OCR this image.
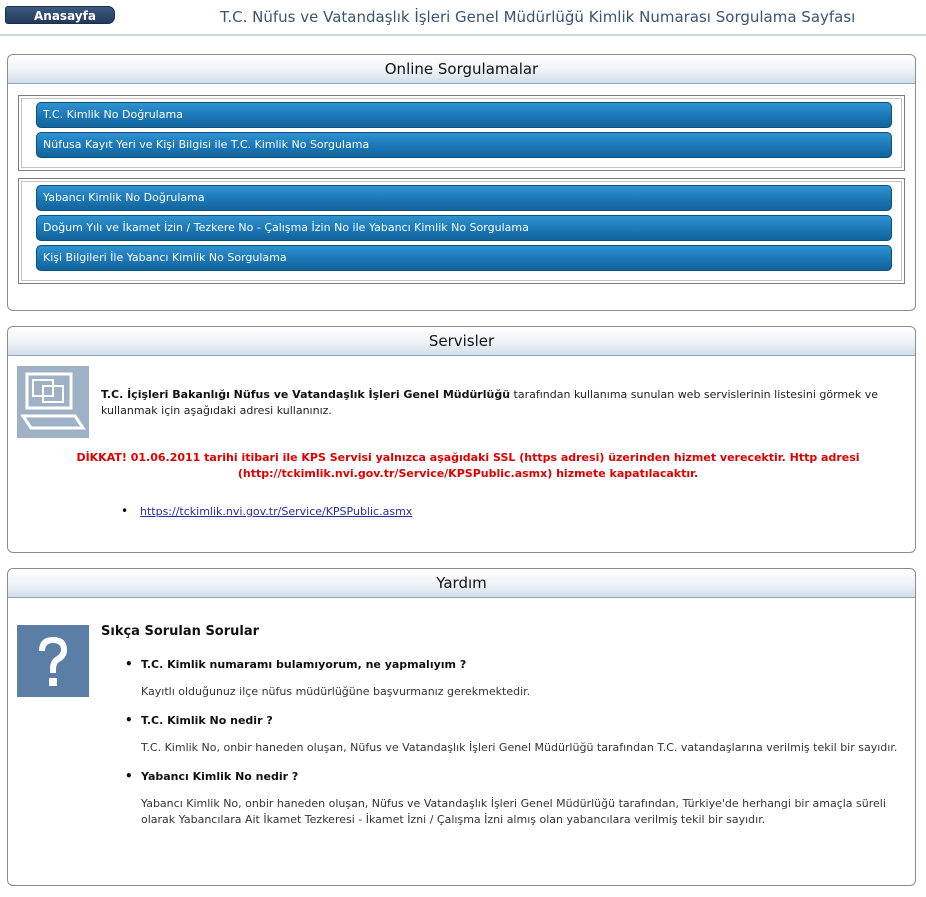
Anasayfa	T.C. Nüfus ve Vatandaşlık İşleri Genel Müdürlüğü Kimlik Numarası Sorgulama Sayfası
Online Sorgulamalar
T.C. Kimlik No Doğrulama
Nüfusa Kayıt Yeri ve Kişi Bilgisi ile T.C. Kimlik No Sorgulama
Yabancı Kimlik No Doğrulama
Doğum Yılı ve İkamet İzin / Tezkere No - Çalışma İzin No ile Yabancı Kimlik No Sorgulama
Kişi Bilgileri İle Yabancı Kimlik No Sorgulama
Servisler
T.C. İçişleri Bakanlığı Nüfus ve Vatandaşlık İşleri Genel Müdürlüğü tarafından kullanıma sunulan web servislerinin listesini görmek ve kullanmak için aşağıdaki adresi kullanınız.
DİKKAT! 01.06.2011 tarihi itibari ile KPS Servisi yalnızca aşağıdaki SSL (https adresi) üzerinden hizmet verecektir. Http adresi
(http://tckimlik.nvi.gov.tr/Service/KPSPublic.asmx) hizmete kapatılacaktır.
• https://tckimlik.nvi.gov.tr/Service/KPSPublic.asmx
Yardım
Sıkça Sorulan Sorular
• T.C. Kimlik numaramı bulamıyorum, ne yapmalıyım ?
Kayıtlı olduğunuz ilçe nüfus müdürlüğüne başvurmanız gerekmektedir.
• T.C. Kimlik No nedir ?
T.C. Kimlik No, onbir haneden oluşan, Nüfus ve Vatandaşlık İşleri Genel Müdürlüğü tarafından T.C. vatandaşlarına verilmiş tekil bir sayıdır.
• Yabancı Kimlik No nedir ?
Yabancı Kimlik No, onbir haneden oluşan, Nüfus ve Vatandaşlık İşleri Genel Müdürlüğü tarafından, Türkiye'de herhangi bir amaçla süreli olarak Yabancılara Ait İkamet Tezkeresi - İkamet İzni / Çalışma İzni almış olan yabancılara verilmiş tekil bir sayıdır.
